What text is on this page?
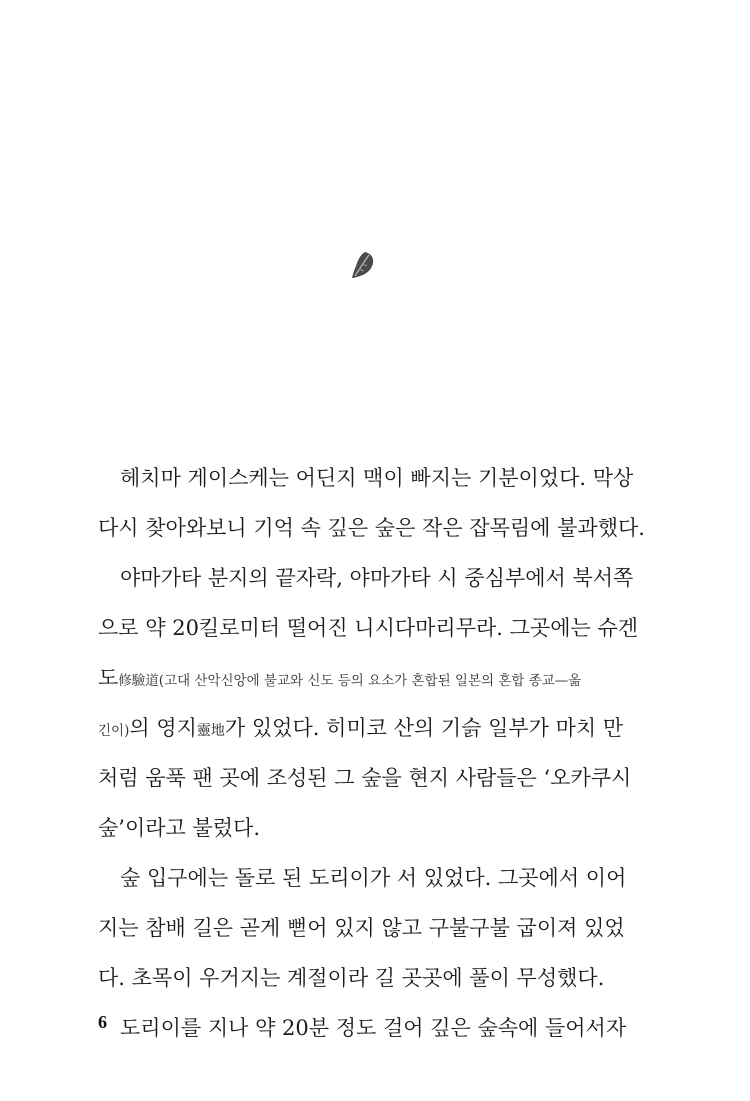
헤치마 게이스케는 어딘지 맥이 빠지는 기분이었다. 막상
다시 찾아와보니 기억 속 깊은 숲은 작은 잡목림에 불과했다.
야마가타 분지의 끝자락, 야마가타 시 중심부에서 북서쪽
으로 약 20킬로미터 떨어진 니시다마리무라. 그곳에는 슈겐
도修驗道(고대 산악신앙에 불교와 신도 등의 요소가 혼합된 일본의 혼합 종교—옮
긴이)의 영지靈地가 있었다. 히미코 산의 기슭 일부가 마치 만
처럼 움푹 팬 곳에 조성된 그 숲을 현지 사람들은 ‘오카쿠시
숲’이라고 불렀다.
숲 입구에는 돌로 된 도리이가 서 있었다. 그곳에서 이어
지는 참배 길은 곧게 뻗어 있지 않고 구불구불 굽이져 있었
다. 초목이 우거지는 계절이라 길 곳곳에 풀이 무성했다.
도리이를 지나 약 20분 정도 걸어 깊은 숲속에 들어서자
6
